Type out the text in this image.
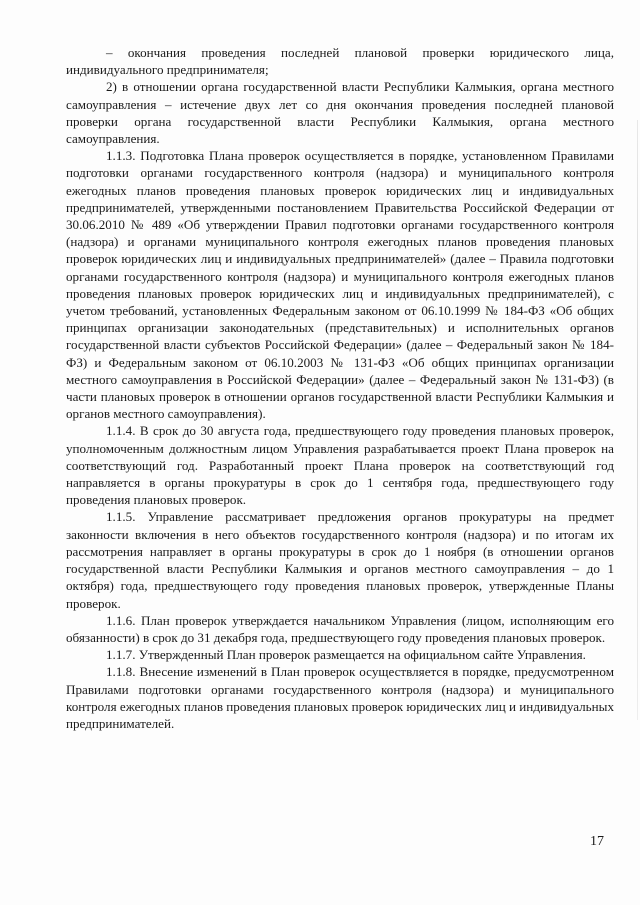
– окончания проведения последней плановой проверки юридического лица, индивидуального предпринимателя;

2) в отношении органа государственной власти Республики Калмыкия, органа местного самоуправления – истечение двух лет со дня окончания проведения последней плановой проверки органа государственной власти Республики Калмыкия, органа местного самоуправления.

1.1.3. Подготовка Плана проверок осуществляется в порядке, установленном Правилами подготовки органами государственного контроля (надзора) и муниципального контроля ежегодных планов проведения плановых проверок юридических лиц и индивидуальных предпринимателей, утвержденными постановлением Правительства Российской Федерации от 30.06.2010 № 489 «Об утверждении Правил подготовки органами государственного контроля (надзора) и органами муниципального контроля ежегодных планов проведения плановых проверок юридических лиц и индивидуальных предпринимателей» (далее – Правила подготовки органами государственного контроля (надзора) и муниципального контроля ежегодных планов проведения плановых проверок юридических лиц и индивидуальных предпринимателей), с учетом требований, установленных Федеральным законом от 06.10.1999 № 184-ФЗ «Об общих принципах организации законодательных (представительных) и исполнительных органов государственной власти субъектов Российской Федерации» (далее – Федеральный закон № 184-ФЗ) и Федеральным законом от 06.10.2003 № 131-ФЗ «Об общих принципах организации местного самоуправления в Российской Федерации» (далее – Федеральный закон № 131-ФЗ) (в части плановых проверок в отношении органов государственной власти Республики Калмыкия и органов местного самоуправления).

1.1.4. В срок до 30 августа года, предшествующего году проведения плановых проверок, уполномоченным должностным лицом Управления разрабатывается проект Плана проверок на соответствующий год. Разработанный проект Плана проверок на соответствующий год направляется в органы прокуратуры в срок до 1 сентября года, предшествующего году проведения плановых проверок.

1.1.5. Управление рассматривает предложения органов прокуратуры на предмет законности включения в него объектов государственного контроля (надзора) и по итогам их рассмотрения направляет в органы прокуратуры в срок до 1 ноября (в отношении органов государственной власти Республики Калмыкия и органов местного самоуправления – до 1 октября) года, предшествующего году проведения плановых проверок, утвержденные Планы проверок.

1.1.6. План проверок утверждается начальником Управления (лицом, исполняющим его обязанности) в срок до 31 декабря года, предшествующего году проведения плановых проверок.

1.1.7. Утвержденный План проверок размещается на официальном сайте Управления.

1.1.8. Внесение изменений в План проверок осуществляется в порядке, предусмотренном Правилами подготовки органами государственного контроля (надзора) и муниципального контроля ежегодных планов проведения плановых проверок юридических лиц и индивидуальных предпринимателей.

17
